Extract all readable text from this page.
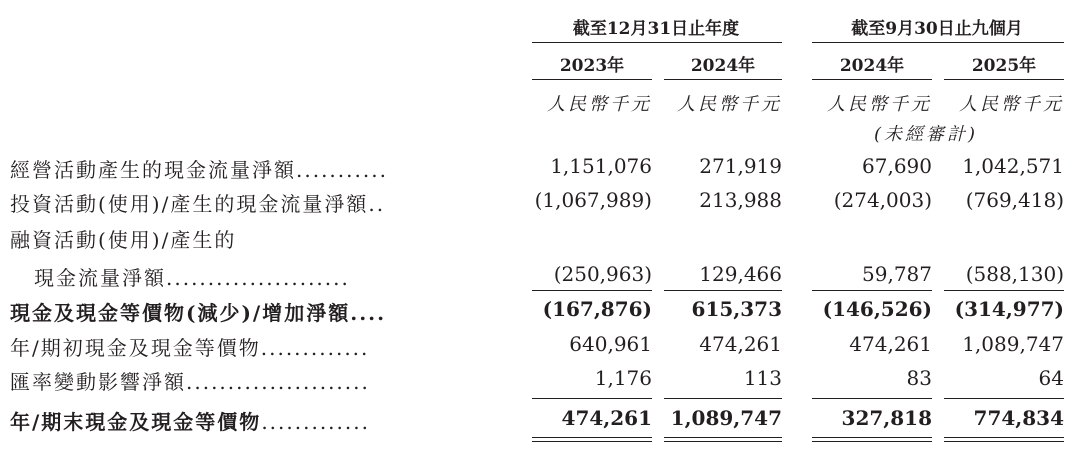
截至12月31日止年度	截至9月30日止九個月
2023年	2024年	2024年	2025年
人民幣千元 人民幣千元	人民幣千元 人民幣千元
(未經審計)
經營活動產生的現金流量淨額...........	1,151,076 271,919	67,690 1,042,571
投資活動(使用)/產生的現金流量淨額..	(1,067,989) 213,988	(274,003) (769,418)
融資活動(使用)/產生的
現金流量淨額......................	(250,963) 129,466	59,787 (588,130)
現金及現金等價物(減少)/增加淨額....	(167,876) 615,373 (146,526) (314,977)
年/期初現金及現金等價物.............	640,961 474,261	474,261 1,089,747
匯率變動影響淨額......................	1,176	113	83	64
年/期末現金及現金等價物.............	474,261 1,089,747	327,818 774,834
